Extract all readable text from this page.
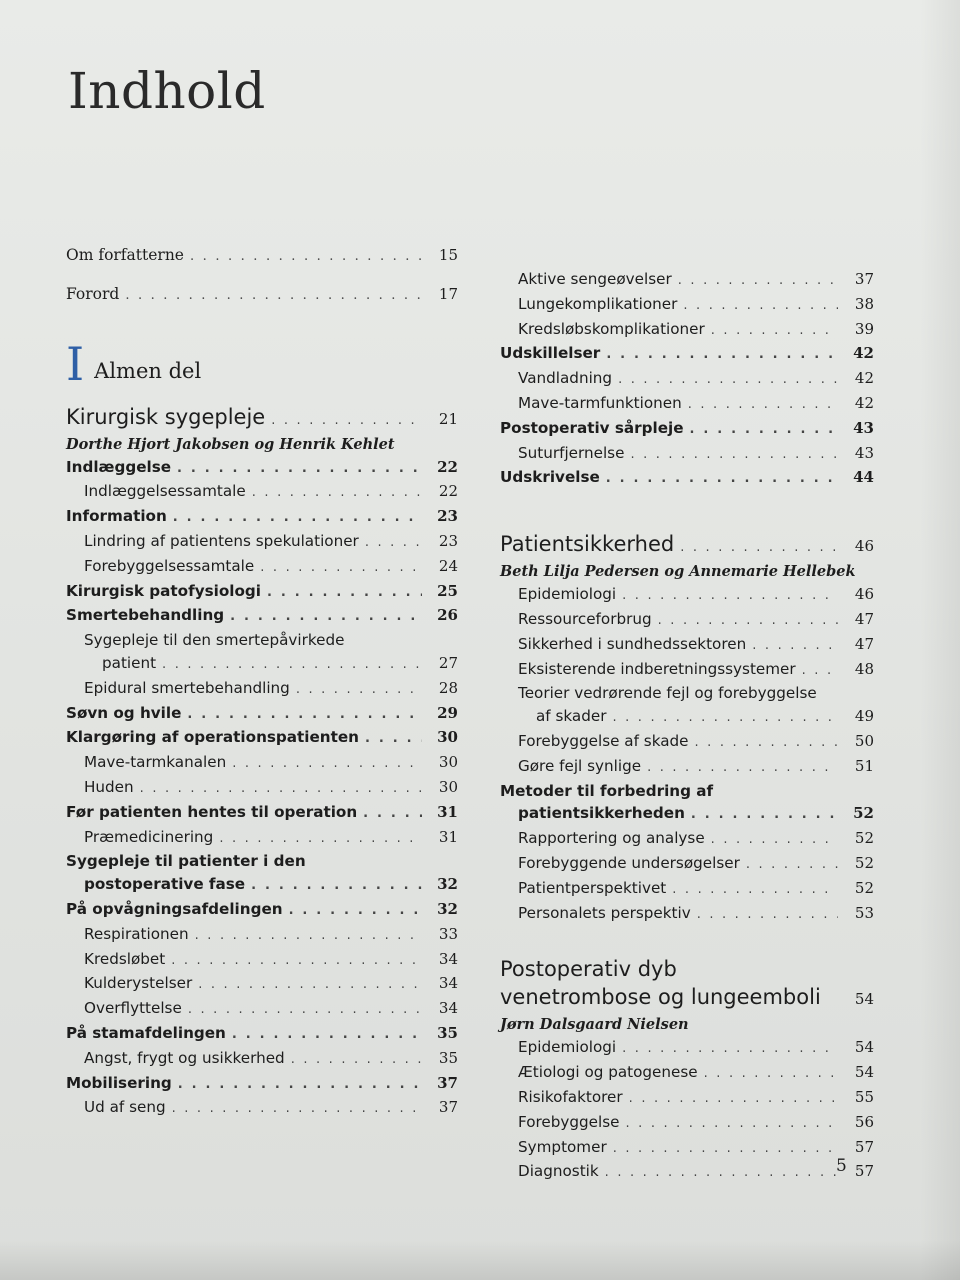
Indhold
Om forfatterne . . .	15
Forord . . .	17
I Almen del
Kirurgisk sygepleje . . .	21
Dorthe Hjort Jakobsen og Henrik Kehlet
Indlæggelse . . .	22
Indlæggelsessamtale . . .	22
Information . . .	23
Lindring af patientens spekulationer . . .	23
Forebyggelsessamtale . . .	24
Kirurgisk patofysiologi . . .	25
Smertebehandling . . .	26
Sygepleje til den smertepåvirkede
patient . . .	27
Epidural smertebehandling . . .	28
Søvn og hvile . . .	29
Klargøring af operationspatienten . . .	30
Mave-tarmkanalen . . .	30
Huden . . .	30
Før patienten hentes til operation . . .	31
Præmedicinering . . .	31
Sygepleje til patienter i den
postoperative fase . . .	32
På opvågningsafdelingen . . .	32
Respirationen . . .	33
Kredsløbet . . .	34
Kulderystelser . . .	34
Overflyttelse . . .	34
På stamafdelingen . . .	35
Angst, frygt og usikkerhed . . .	35
Mobilisering . . .	37
Ud af seng . . .	37
Aktive sengeøvelser . . .	37
Lungekomplikationer . . .	38
Kredsløbskomplikationer . . .	39
Udskillelser . . .	42
Vandladning . . .	42
Mave-tarmfunktionen . . .	42
Postoperativ sårpleje . . .	43
Suturfjernelse . . .	43
Udskrivelse . . .	44
Patientsikkerhed . . .	46
Beth Lilja Pedersen og Annemarie Hellebek
Epidemiologi . . .	46
Ressourceforbrug . . .	47
Sikkerhed i sundhedssektoren . . .	47
Eksisterende indberetningssystemer . . .	48
Teorier vedrørende fejl og forebyggelse
af skader . . .	49
Forebyggelse af skade . . .	50
Gøre fejl synlige . . .	51
Metoder til forbedring af
patientsikkerheden . . .	52
Rapportering og analyse . . .	52
Forebyggende undersøgelser . . .	52
Patientperspektivet . . .	52
Personalets perspektiv . . .	53
Postoperativ dyb
venetrombose og lungeemboli	54
Jørn Dalsgaard Nielsen
Epidemiologi . . .	54
Ætiologi og patogenese . . .	54
Risikofaktorer . . .	55
Forebyggelse . . .	56
Symptomer . . .	57
Diagnostik . . .	57
5
